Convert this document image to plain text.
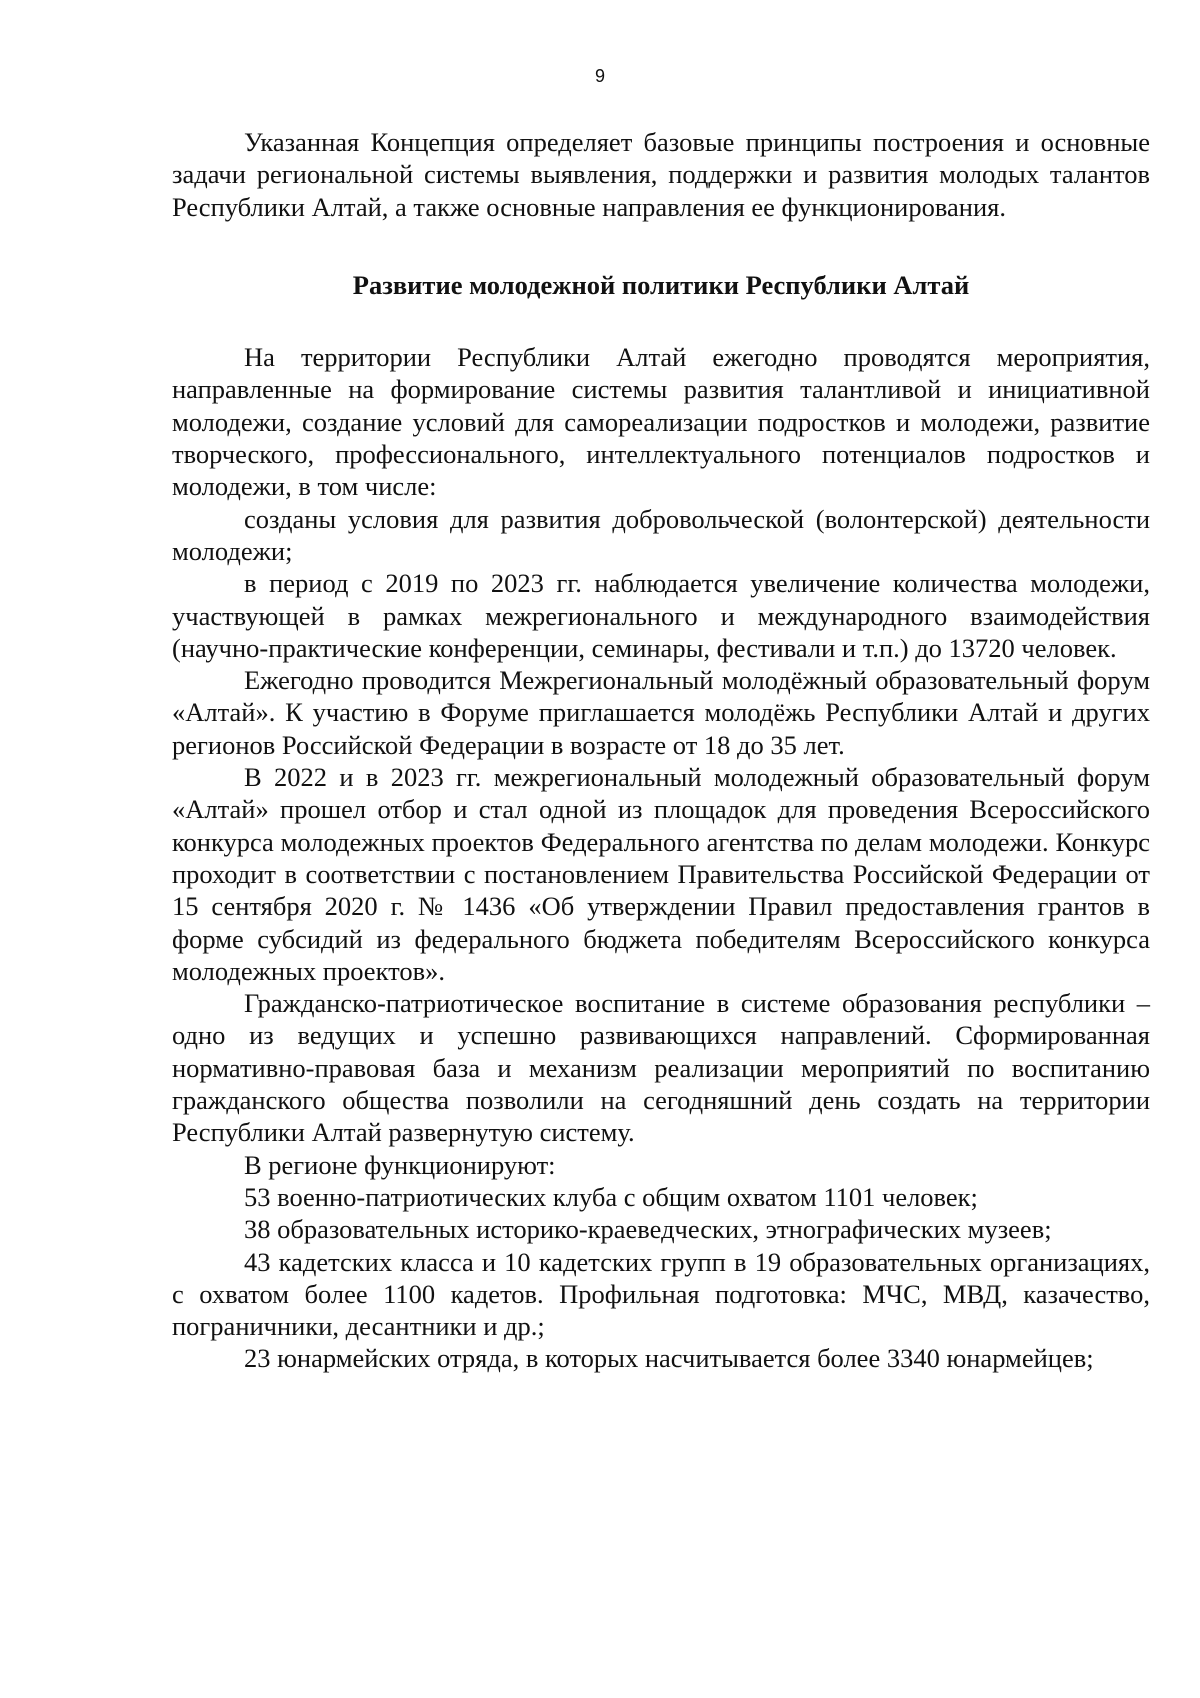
9

Указанная Концепция определяет базовые принципы построения и основные задачи региональной системы выявления, поддержки и развития молодых талантов Республики Алтай, а также основные направления ее функционирования.

Развитие молодежной политики Республики Алтай

На территории Республики Алтай ежегодно проводятся мероприятия, направленные на формирование системы развития талантливой и инициативной молодежи, создание условий для самореализации подростков и молодежи, развитие творческого, профессионального, интеллектуального потенциалов подростков и молодежи, в том числе:

созданы условия для развития добровольческой (волонтерской) деятельности молодежи;

в период с 2019 по 2023 гг. наблюдается увеличение количества молодежи, участвующей в рамках межрегионального и международного взаимодействия (научно-практические конференции, семинары, фестивали и т.п.) до 13720 человек.

Ежегодно проводится Межрегиональный молодёжный образовательный форум «Алтай». К участию в Форуме приглашается молодёжь Республики Алтай и других регионов Российской Федерации в возрасте от 18 до 35 лет.

В 2022 и в 2023 гг. межрегиональный молодежный образовательный форум «Алтай» прошел отбор и стал одной из площадок для проведения Всероссийского конкурса молодежных проектов Федерального агентства по делам молодежи. Конкурс проходит в соответствии с постановлением Правительства Российской Федерации от 15 сентября 2020 г. № 1436 «Об утверждении Правил предоставления грантов в форме субсидий из федерального бюджета победителям Всероссийского конкурса молодежных проектов».

Гражданско-патриотическое воспитание в системе образования республики – одно из ведущих и успешно развивающихся направлений. Сформированная нормативно-правовая база и механизм реализации мероприятий по воспитанию гражданского общества позволили на сегодняшний день создать на территории Республики Алтай развернутую систему.

В регионе функционируют:

53 военно-патриотических клуба с общим охватом 1101 человек;

38 образовательных историко-краеведческих, этнографических музеев;

43 кадетских класса и 10 кадетских групп в 19 образовательных организациях, с охватом более 1100 кадетов. Профильная подготовка: МЧС, МВД, казачество, пограничники, десантники и др.;

23 юнармейских отряда, в которых насчитывается более 3340 юнармейцев;
